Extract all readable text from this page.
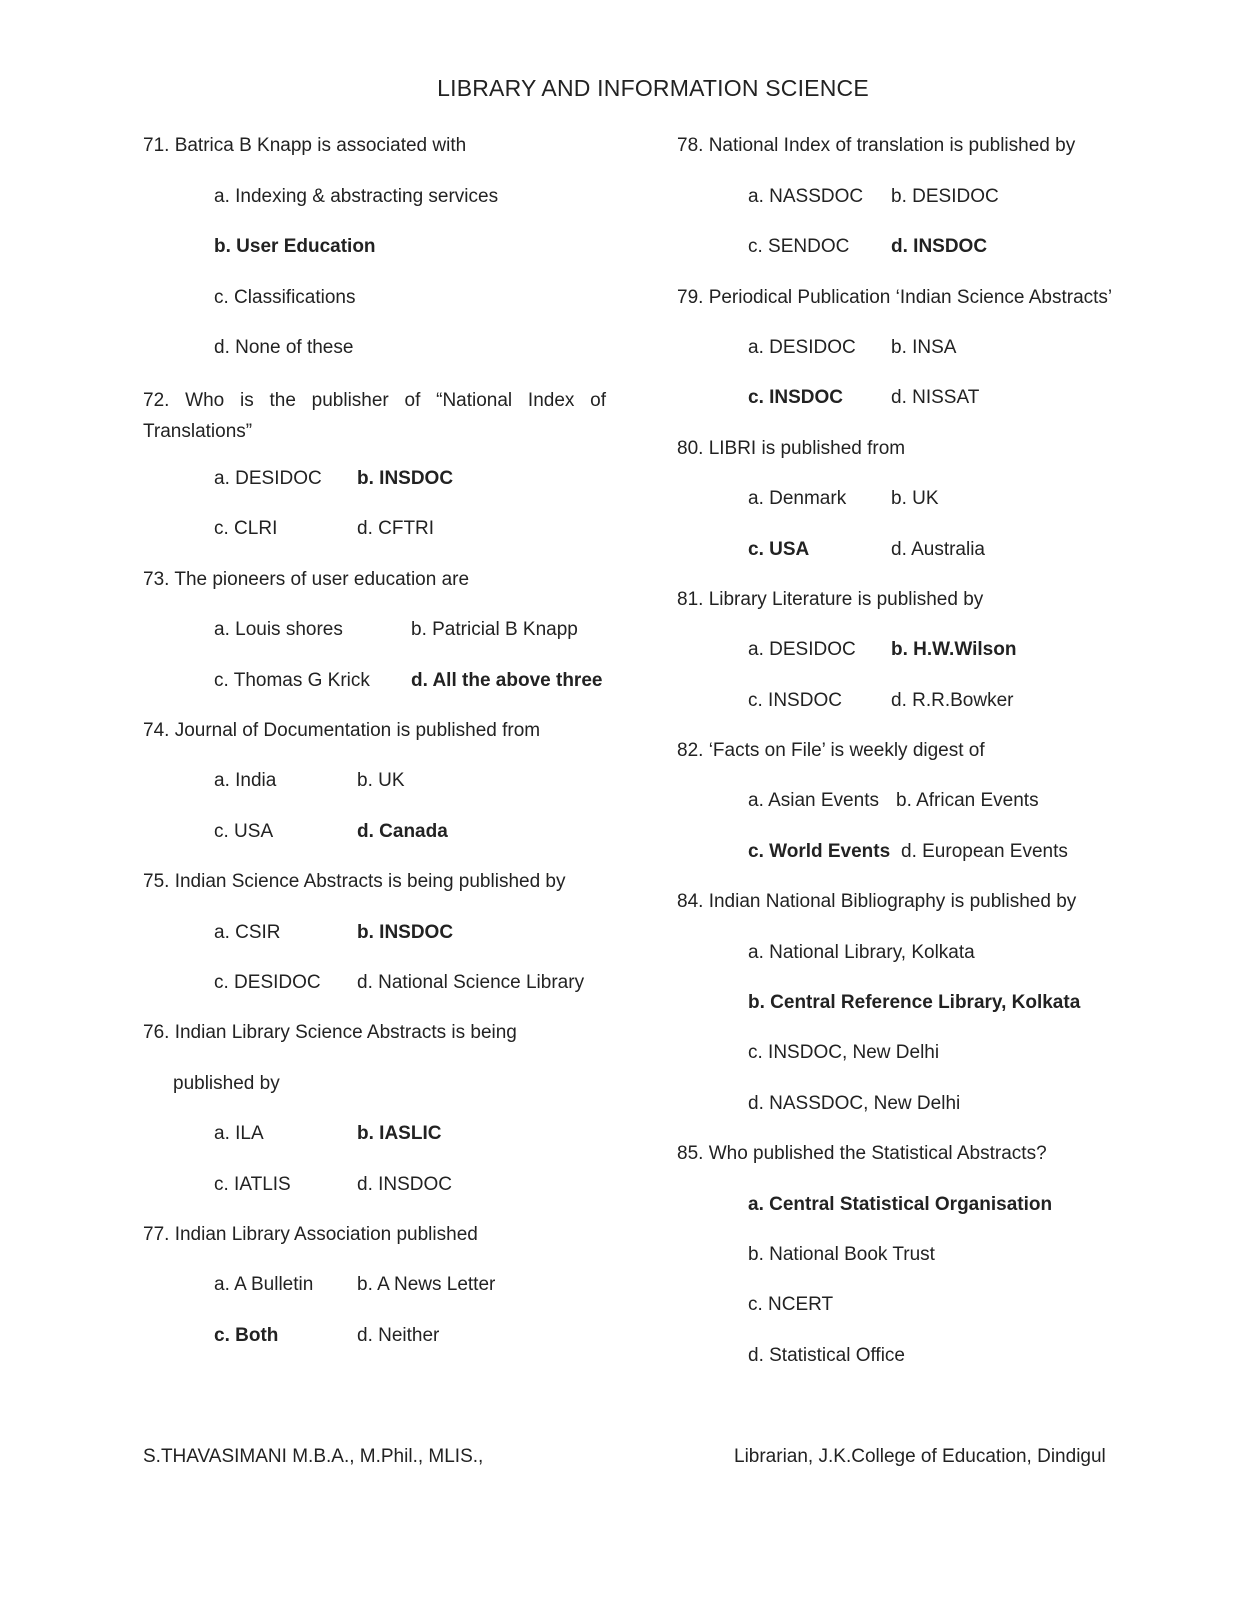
LIBRARY AND INFORMATION SCIENCE
71. Batrica B Knapp is associated with
a. Indexing & abstracting services
b. User Education
c. Classifications
d. None of these
72. Who is the publisher of “National Index of Translations”
a. DESIDOC b. INSDOC
c. CLRI	d. CFTRI
73. The pioneers of user education are
a. Louis shores	b. Patricial B Knapp
c. Thomas G Krick d. All the above three
74. Journal of Documentation is published from
a. India	b. UK
c. USA	d. Canada
75. Indian Science Abstracts is being published by
a. CSIR	b. INSDOC
c. DESIDOC d. National Science Library
76. Indian Library Science Abstracts is being
published by
a. ILA	b. IASLIC
c. IATLIS	d. INSDOC
77. Indian Library Association published
a. A Bulletin b. A News Letter
c. Both	d. Neither
78. National Index of translation is published by
a. NASSDOC b. DESIDOC
c. SENDOC d. INSDOC
79. Periodical Publication ‘Indian Science Abstracts’
a. DESIDOC b. INSA
c. INSDOC	d. NISSAT
80. LIBRI is published from
a. Denmark b. UK
c. USA	d. Australia
81. Library Literature is published by
a. DESIDOC b. H.W.Wilson
c. INSDOC	d. R.R.Bowker
82. ‘Facts on File’ is weekly digest of
a. Asian Events b. African Events
c. World Events d. European Events
84. Indian National Bibliography is published by
a. National Library, Kolkata
b. Central Reference Library, Kolkata
c. INSDOC, New Delhi
d. NASSDOC, New Delhi
85. Who published the Statistical Abstracts?
a. Central Statistical Organisation
b. National Book Trust
c. NCERT
d. Statistical Office
S.THAVASIMANI M.B.A., M.Phil., MLIS.,	Librarian, J.K.College of Education, Dindigul
